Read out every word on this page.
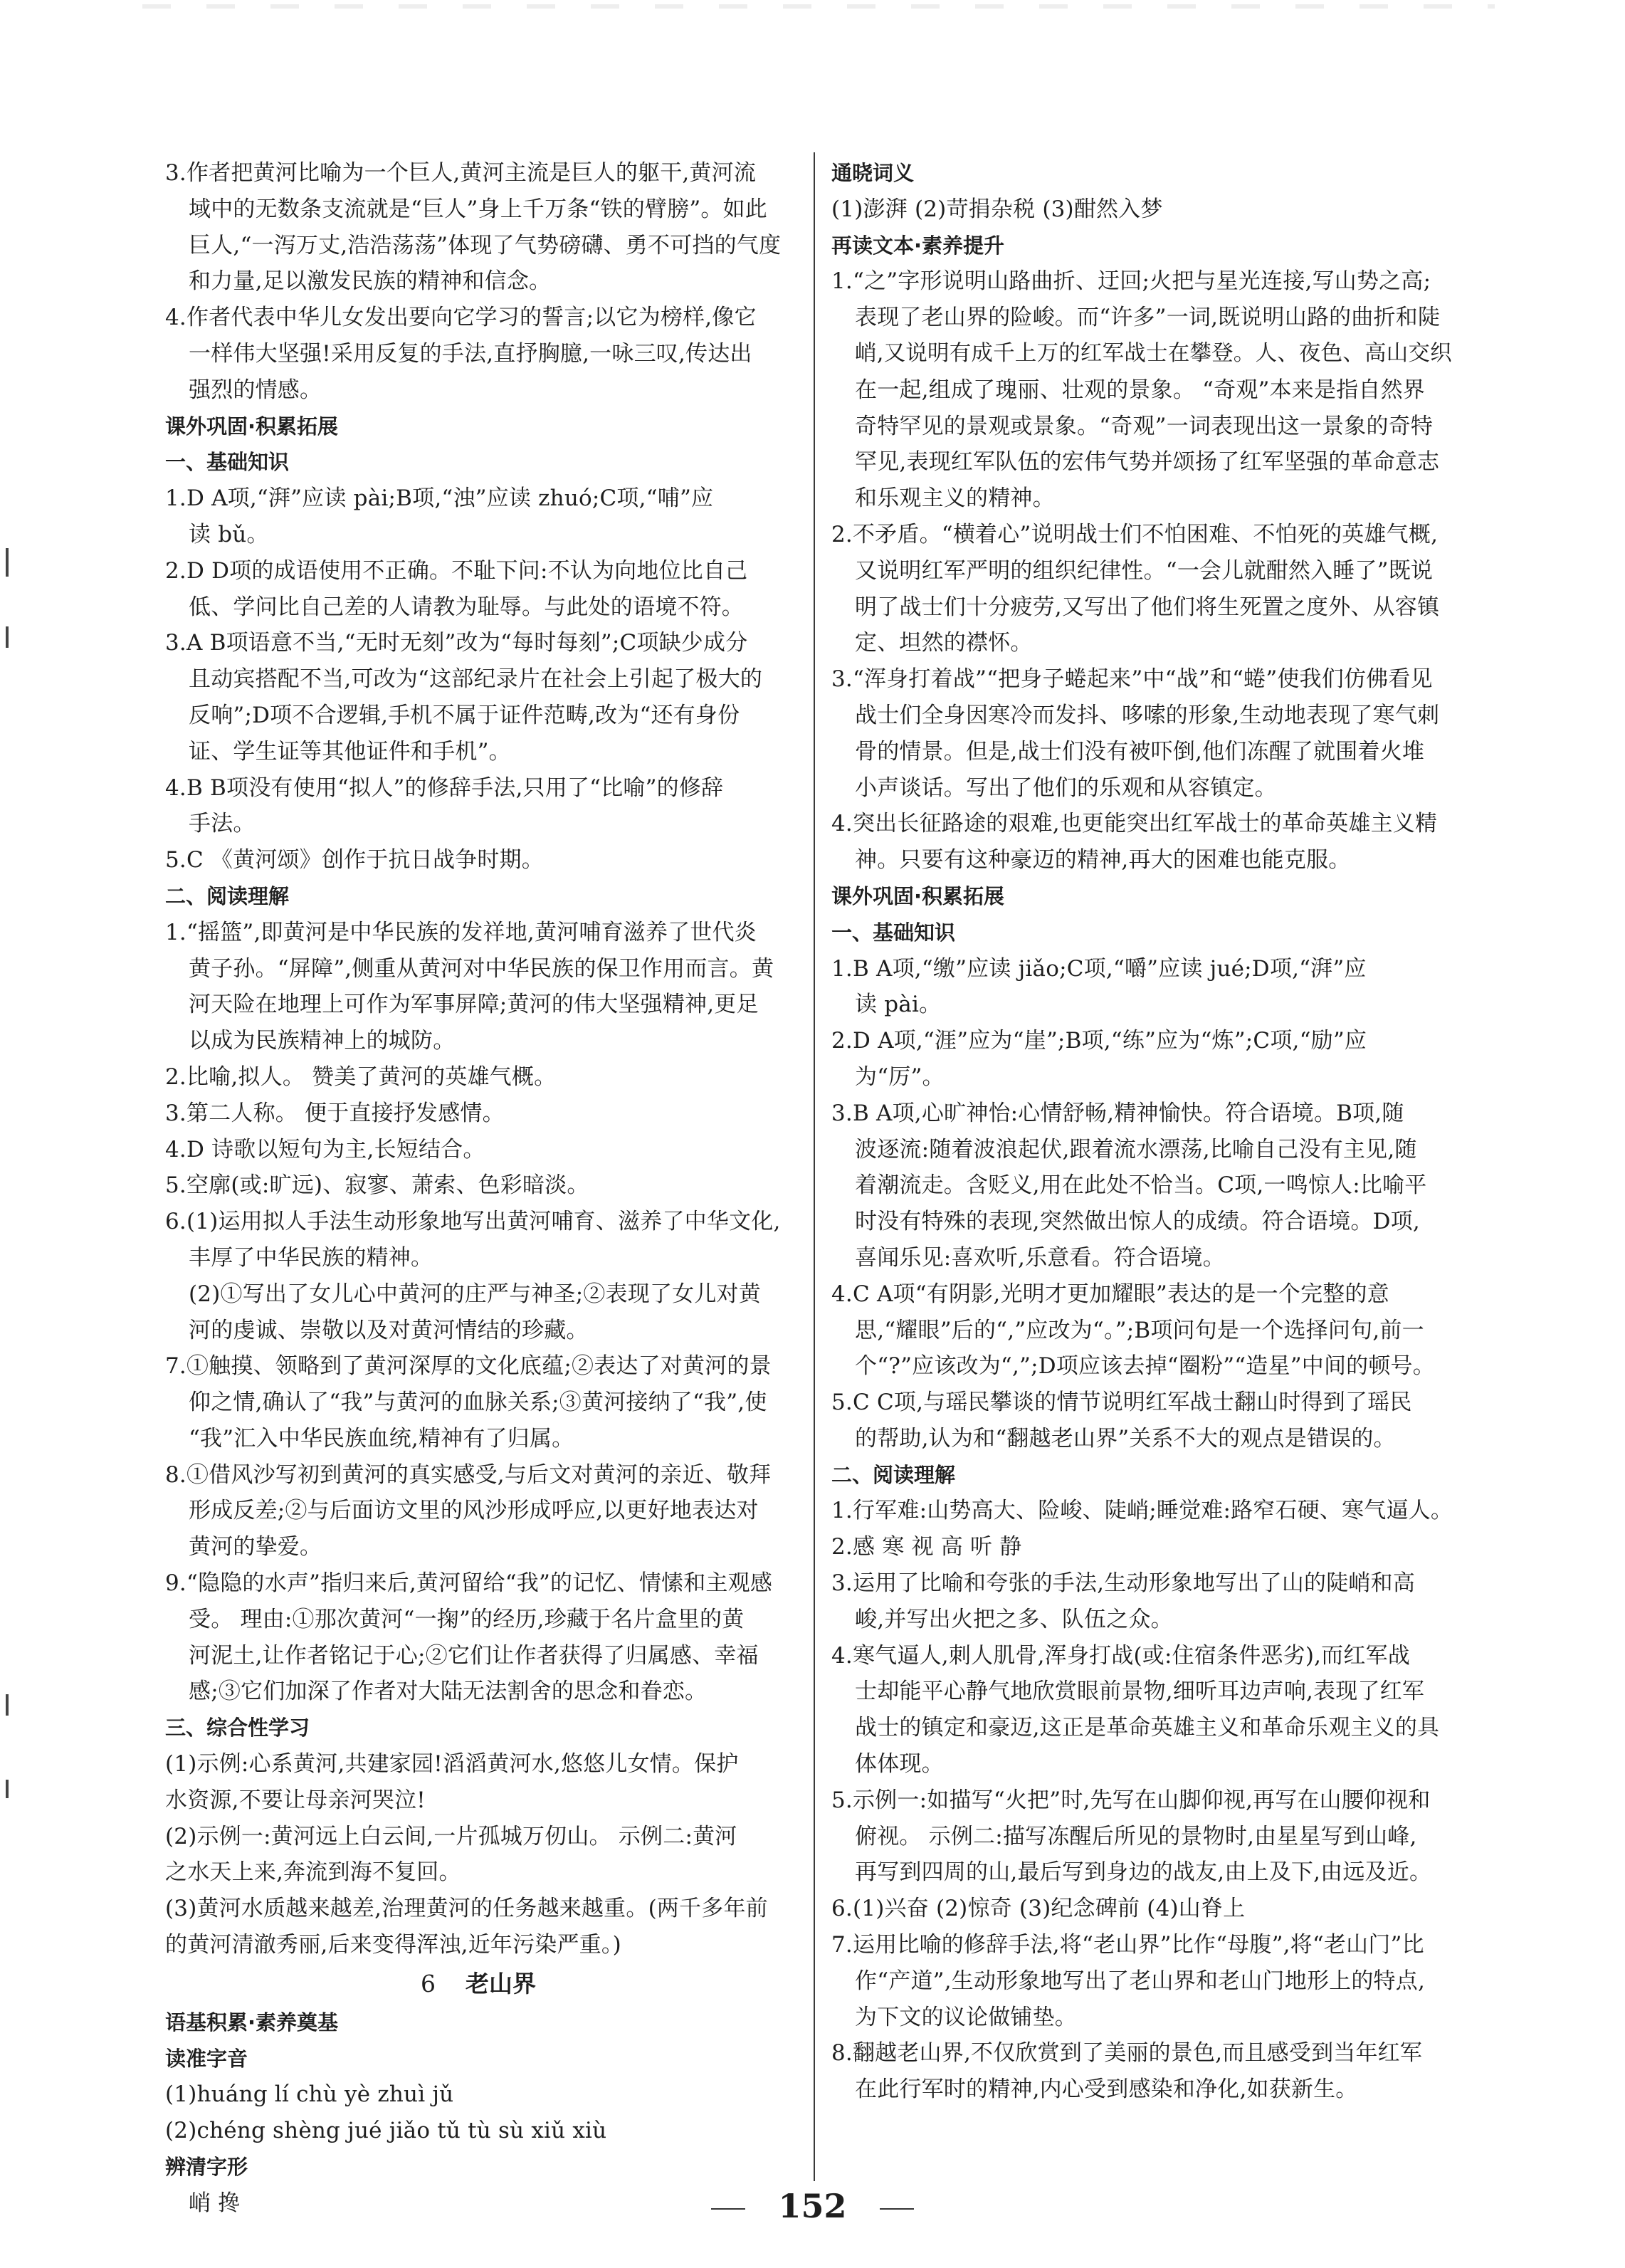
3.作者把黄河比喻为一个巨人,黄河主流是巨人的躯干,黄河流
域中的无数条支流就是“巨人”身上千万条“铁的臂膀”。如此
巨人,“一泻万丈,浩浩荡荡”体现了气势磅礴、勇不可挡的气度
和力量,足以激发民族的精神和信念。
4.作者代表中华儿女发出要向它学习的誓言;以它为榜样,像它
一样伟大坚强!采用反复的手法,直抒胸臆,一咏三叹,传达出
强烈的情感。
课外巩固·积累拓展
一、基础知识
1.D A项,“湃”应读 pài;B项,“浊”应读 zhuó;C项,“哺”应
读 bǔ。
2.D D项的成语使用不正确。不耻下问:不认为向地位比自己
低、学问比自己差的人请教为耻辱。与此处的语境不符。
3.A B项语意不当,“无时无刻”改为“每时每刻”;C项缺少成分
且动宾搭配不当,可改为“这部纪录片在社会上引起了极大的
反响”;D项不合逻辑,手机不属于证件范畴,改为“还有身份
证、学生证等其他证件和手机”。
4.B B项没有使用“拟人”的修辞手法,只用了“比喻”的修辞
手法。
5.C 《黄河颂》创作于抗日战争时期。
二、阅读理解
1.“摇篮”,即黄河是中华民族的发祥地,黄河哺育滋养了世代炎
黄子孙。“屏障”,侧重从黄河对中华民族的保卫作用而言。黄
河天险在地理上可作为军事屏障;黄河的伟大坚强精神,更足
以成为民族精神上的城防。
2.比喻,拟人。 赞美了黄河的英雄气概。
3.第二人称。 便于直接抒发感情。
4.D 诗歌以短句为主,长短结合。
5.空廓(或:旷远)、寂寥、萧索、色彩暗淡。
6.(1)运用拟人手法生动形象地写出黄河哺育、滋养了中华文化,
丰厚了中华民族的精神。
(2)①写出了女儿心中黄河的庄严与神圣;②表现了女儿对黄
河的虔诚、崇敬以及对黄河情结的珍藏。
7.①触摸、领略到了黄河深厚的文化底蕴;②表达了对黄河的景
仰之情,确认了“我”与黄河的血脉关系;③黄河接纳了“我”,使
“我”汇入中华民族血统,精神有了归属。
8.①借风沙写初到黄河的真实感受,与后文对黄河的亲近、敬拜
形成反差;②与后面访文里的风沙形成呼应,以更好地表达对
黄河的挚爱。
9.“隐隐的水声”指归来后,黄河留给“我”的记忆、情愫和主观感
受。 理由:①那次黄河“一掬”的经历,珍藏于名片盒里的黄
河泥土,让作者铭记于心;②它们让作者获得了归属感、幸福
感;③它们加深了作者对大陆无法割舍的思念和眷恋。
三、综合性学习
(1)示例:心系黄河,共建家园!滔滔黄河水,悠悠儿女情。保护
水资源,不要让母亲河哭泣!
(2)示例一:黄河远上白云间,一片孤城万仞山。 示例二:黄河
之水天上来,奔流到海不复回。
(3)黄河水质越来越差,治理黄河的任务越来越重。(两千多年前
的黄河清澈秀丽,后来变得浑浊,近年污染严重。)
6 老山界
语基积累·素养奠基
读准字音
(1)huáng lí chù yè zhuì jǔ
(2)chéng shèng jué jiǎo tǔ tù sù xiǔ xiù
辨清字形
峭 搀
通晓词义
(1)澎湃 (2)苛捐杂税 (3)酣然入梦
再读文本·素养提升
1.“之”字形说明山路曲折、迂回;火把与星光连接,写山势之高;
表现了老山界的险峻。而“许多”一词,既说明山路的曲折和陡
峭,又说明有成千上万的红军战士在攀登。人、夜色、高山交织
在一起,组成了瑰丽、壮观的景象。 “奇观”本来是指自然界
奇特罕见的景观或景象。“奇观”一词表现出这一景象的奇特
罕见,表现红军队伍的宏伟气势并颂扬了红军坚强的革命意志
和乐观主义的精神。
2.不矛盾。“横着心”说明战士们不怕困难、不怕死的英雄气概,
又说明红军严明的组织纪律性。“一会儿就酣然入睡了”既说
明了战士们十分疲劳,又写出了他们将生死置之度外、从容镇
定、坦然的襟怀。
3.“浑身打着战”“把身子蜷起来”中“战”和“蜷”使我们仿佛看见
战士们全身因寒冷而发抖、哆嗦的形象,生动地表现了寒气刺
骨的情景。但是,战士们没有被吓倒,他们冻醒了就围着火堆
小声谈话。写出了他们的乐观和从容镇定。
4.突出长征路途的艰难,也更能突出红军战士的革命英雄主义精
神。只要有这种豪迈的精神,再大的困难也能克服。
课外巩固·积累拓展
一、基础知识
1.B A项,“缴”应读 jiǎo;C项,“嚼”应读 jué;D项,“湃”应
读 pài。
2.D A项,“涯”应为“崖”;B项,“练”应为“炼”;C项,“励”应
为“厉”。
3.B A项,心旷神怡:心情舒畅,精神愉快。符合语境。B项,随
波逐流:随着波浪起伏,跟着流水漂荡,比喻自己没有主见,随
着潮流走。含贬义,用在此处不恰当。C项,一鸣惊人:比喻平
时没有特殊的表现,突然做出惊人的成绩。符合语境。D项,
喜闻乐见:喜欢听,乐意看。符合语境。
4.C A项“有阴影,光明才更加耀眼”表达的是一个完整的意
思,“耀眼”后的“,”应改为“。”;B项问句是一个选择问句,前一
个“?”应该改为“,”;D项应该去掉“圈粉”“造星”中间的顿号。
5.C C项,与瑶民攀谈的情节说明红军战士翻山时得到了瑶民
的帮助,认为和“翻越老山界”关系不大的观点是错误的。
二、阅读理解
1.行军难:山势高大、险峻、陡峭;睡觉难:路窄石硬、寒气逼人。
2.感 寒 视 高 听 静
3.运用了比喻和夸张的手法,生动形象地写出了山的陡峭和高
峻,并写出火把之多、队伍之众。
4.寒气逼人,刺人肌骨,浑身打战(或:住宿条件恶劣),而红军战
士却能平心静气地欣赏眼前景物,细听耳边声响,表现了红军
战士的镇定和豪迈,这正是革命英雄主义和革命乐观主义的具
体体现。
5.示例一:如描写“火把”时,先写在山脚仰视,再写在山腰仰视和
俯视。 示例二:描写冻醒后所见的景物时,由星星写到山峰,
再写到四周的山,最后写到身边的战友,由上及下,由远及近。
6.(1)兴奋 (2)惊奇 (3)纪念碑前 (4)山脊上
7.运用比喻的修辞手法,将“老山界”比作“母腹”,将“老山门”比
作“产道”,生动形象地写出了老山界和老山门地形上的特点,
为下文的议论做铺垫。
8.翻越老山界,不仅欣赏到了美丽的景色,而且感受到当年红军
在此行军时的精神,内心受到感染和净化,如获新生。
152
